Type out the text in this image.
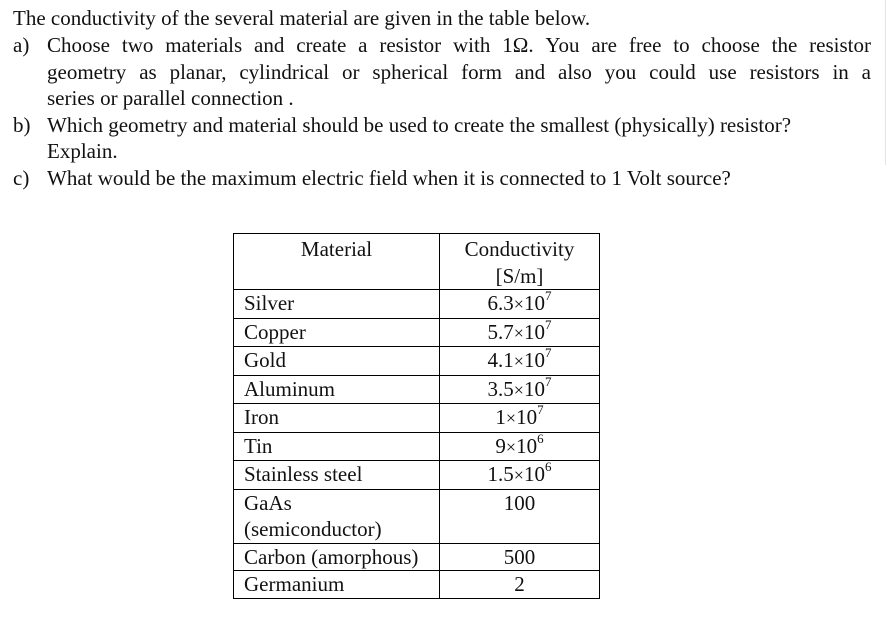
The conductivity of the several material are given in the table below.
a) Choose two materials and create a resistor with 1Ω. You are free to choose the resistor
geometry as planar, cylindrical or spherical form and also you could use resistors in a
series or parallel connection .
b) Which geometry and material should be used to create the smallest (physically) resistor?
Explain.
c) What would be the maximum electric field when it is connected to 1 Volt source?
Material	Conductivity
[S/m]
Silver	$6.3\times 10^7$
Copper	$5.7\times 10^7$
Gold	$4.1\times 10^7$
Aluminum	$3.5\times 10^7$
Iron	$1\times 10^7$
Tin	$9\times 10^6$
Stainless steel	$1.5\times 10^6$
GaAs
(semiconductor)	100
Carbon (amorphous)	500
Germanium	2
